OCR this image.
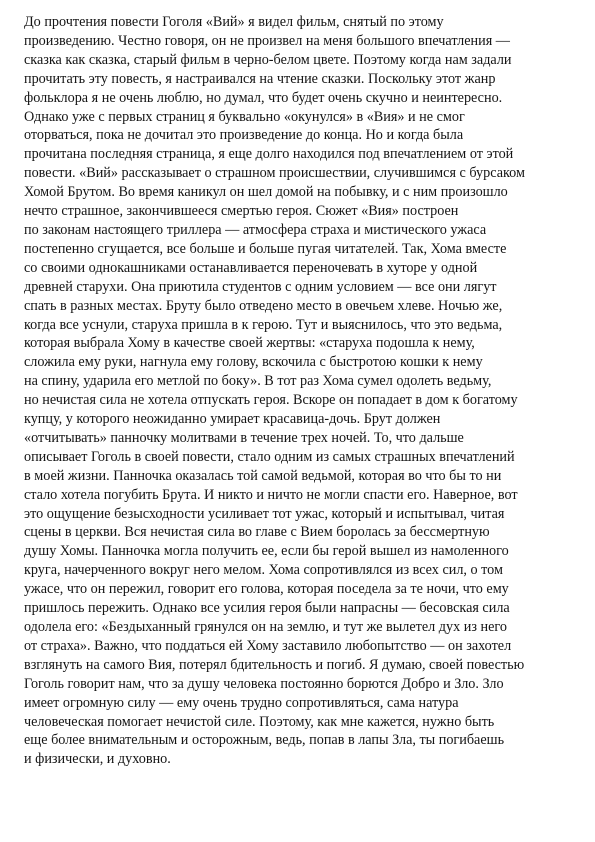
До прочтения повести Гоголя «Вий» я видел фильм, снятый по этому
произведению. Честно говоря, он не произвел на меня большого впечатления —
сказка как сказка, старый фильм в черно-белом цвете. Поэтому когда нам задали
прочитать эту повесть, я настраивался на чтение сказки. Поскольку этот жанр
фольклора я не очень люблю, но думал, что будет очень скучно и неинтересно.
Однако уже с первых страниц я буквально «окунулся» в «Вия» и не смог
оторваться, пока не дочитал это произведение до конца. Но и когда была
прочитана последняя страница, я еще долго находился под впечатлением от этой
повести. «Вий» рассказывает о страшном происшествии, случившимся с бурсаком
Хомой Брутом. Во время каникул он шел домой на побывку, и с ним произошло
нечто страшное, закончившееся смертью героя. Сюжет «Вия» построен
по законам настоящего триллера — атмосфера страха и мистического ужаса
постепенно сгущается, все больше и больше пугая читателей. Так, Хома вместе
со своими однокашниками останавливается переночевать в хуторе у одной
древней старухи. Она приютила студентов с одним условием — все они лягут
спать в разных местах. Бруту было отведено место в овечьем хлеве. Ночью же,
когда все уснули, старуха пришла в к герою. Тут и выяснилось, что это ведьма,
которая выбрала Хому в качестве своей жертвы: «старуха подошла к нему,
сложила ему руки, нагнула ему голову, вскочила с быстротою кошки к нему
на спину, ударила его метлой по боку». В тот раз Хома сумел одолеть ведьму,
но нечистая сила не хотела отпускать героя. Вскоре он попадает в дом к богатому
купцу, у которого неожиданно умирает красавица-дочь. Брут должен
«отчитывать» панночку молитвами в течение трех ночей. То, что дальше
описывает Гоголь в своей повести, стало одним из самых страшных впечатлений
в моей жизни. Панночка оказалась той самой ведьмой, которая во что бы то ни
стало хотела погубить Брута. И никто и ничто не могли спасти его. Наверное, вот
это ощущение безысходности усиливает тот ужас, который и испытывал, читая
сцены в церкви. Вся нечистая сила во главе с Вием боролась за бессмертную
душу Хомы. Панночка могла получить ее, если бы герой вышел из намоленного
круга, начерченного вокруг него мелом. Хома сопротивлялся из всех сил, о том
ужасе, что он пережил, говорит его голова, которая поседела за те ночи, что ему
пришлось пережить. Однако все усилия героя были напрасны — бесовская сила
одолела его: «Бездыханный грянулся он на землю, и тут же вылетел дух из него
от страха». Важно, что поддаться ей Хому заставило любопытство — он захотел
взглянуть на самого Вия, потерял бдительность и погиб. Я думаю, своей повестью
Гоголь говорит нам, что за душу человека постоянно борются Добро и Зло. Зло
имеет огромную силу — ему очень трудно сопротивляться, сама натура
человеческая помогает нечистой силе. Поэтому, как мне кажется, нужно быть
еще более внимательным и осторожным, ведь, попав в лапы Зла, ты погибаешь
и физически, и духовно.
